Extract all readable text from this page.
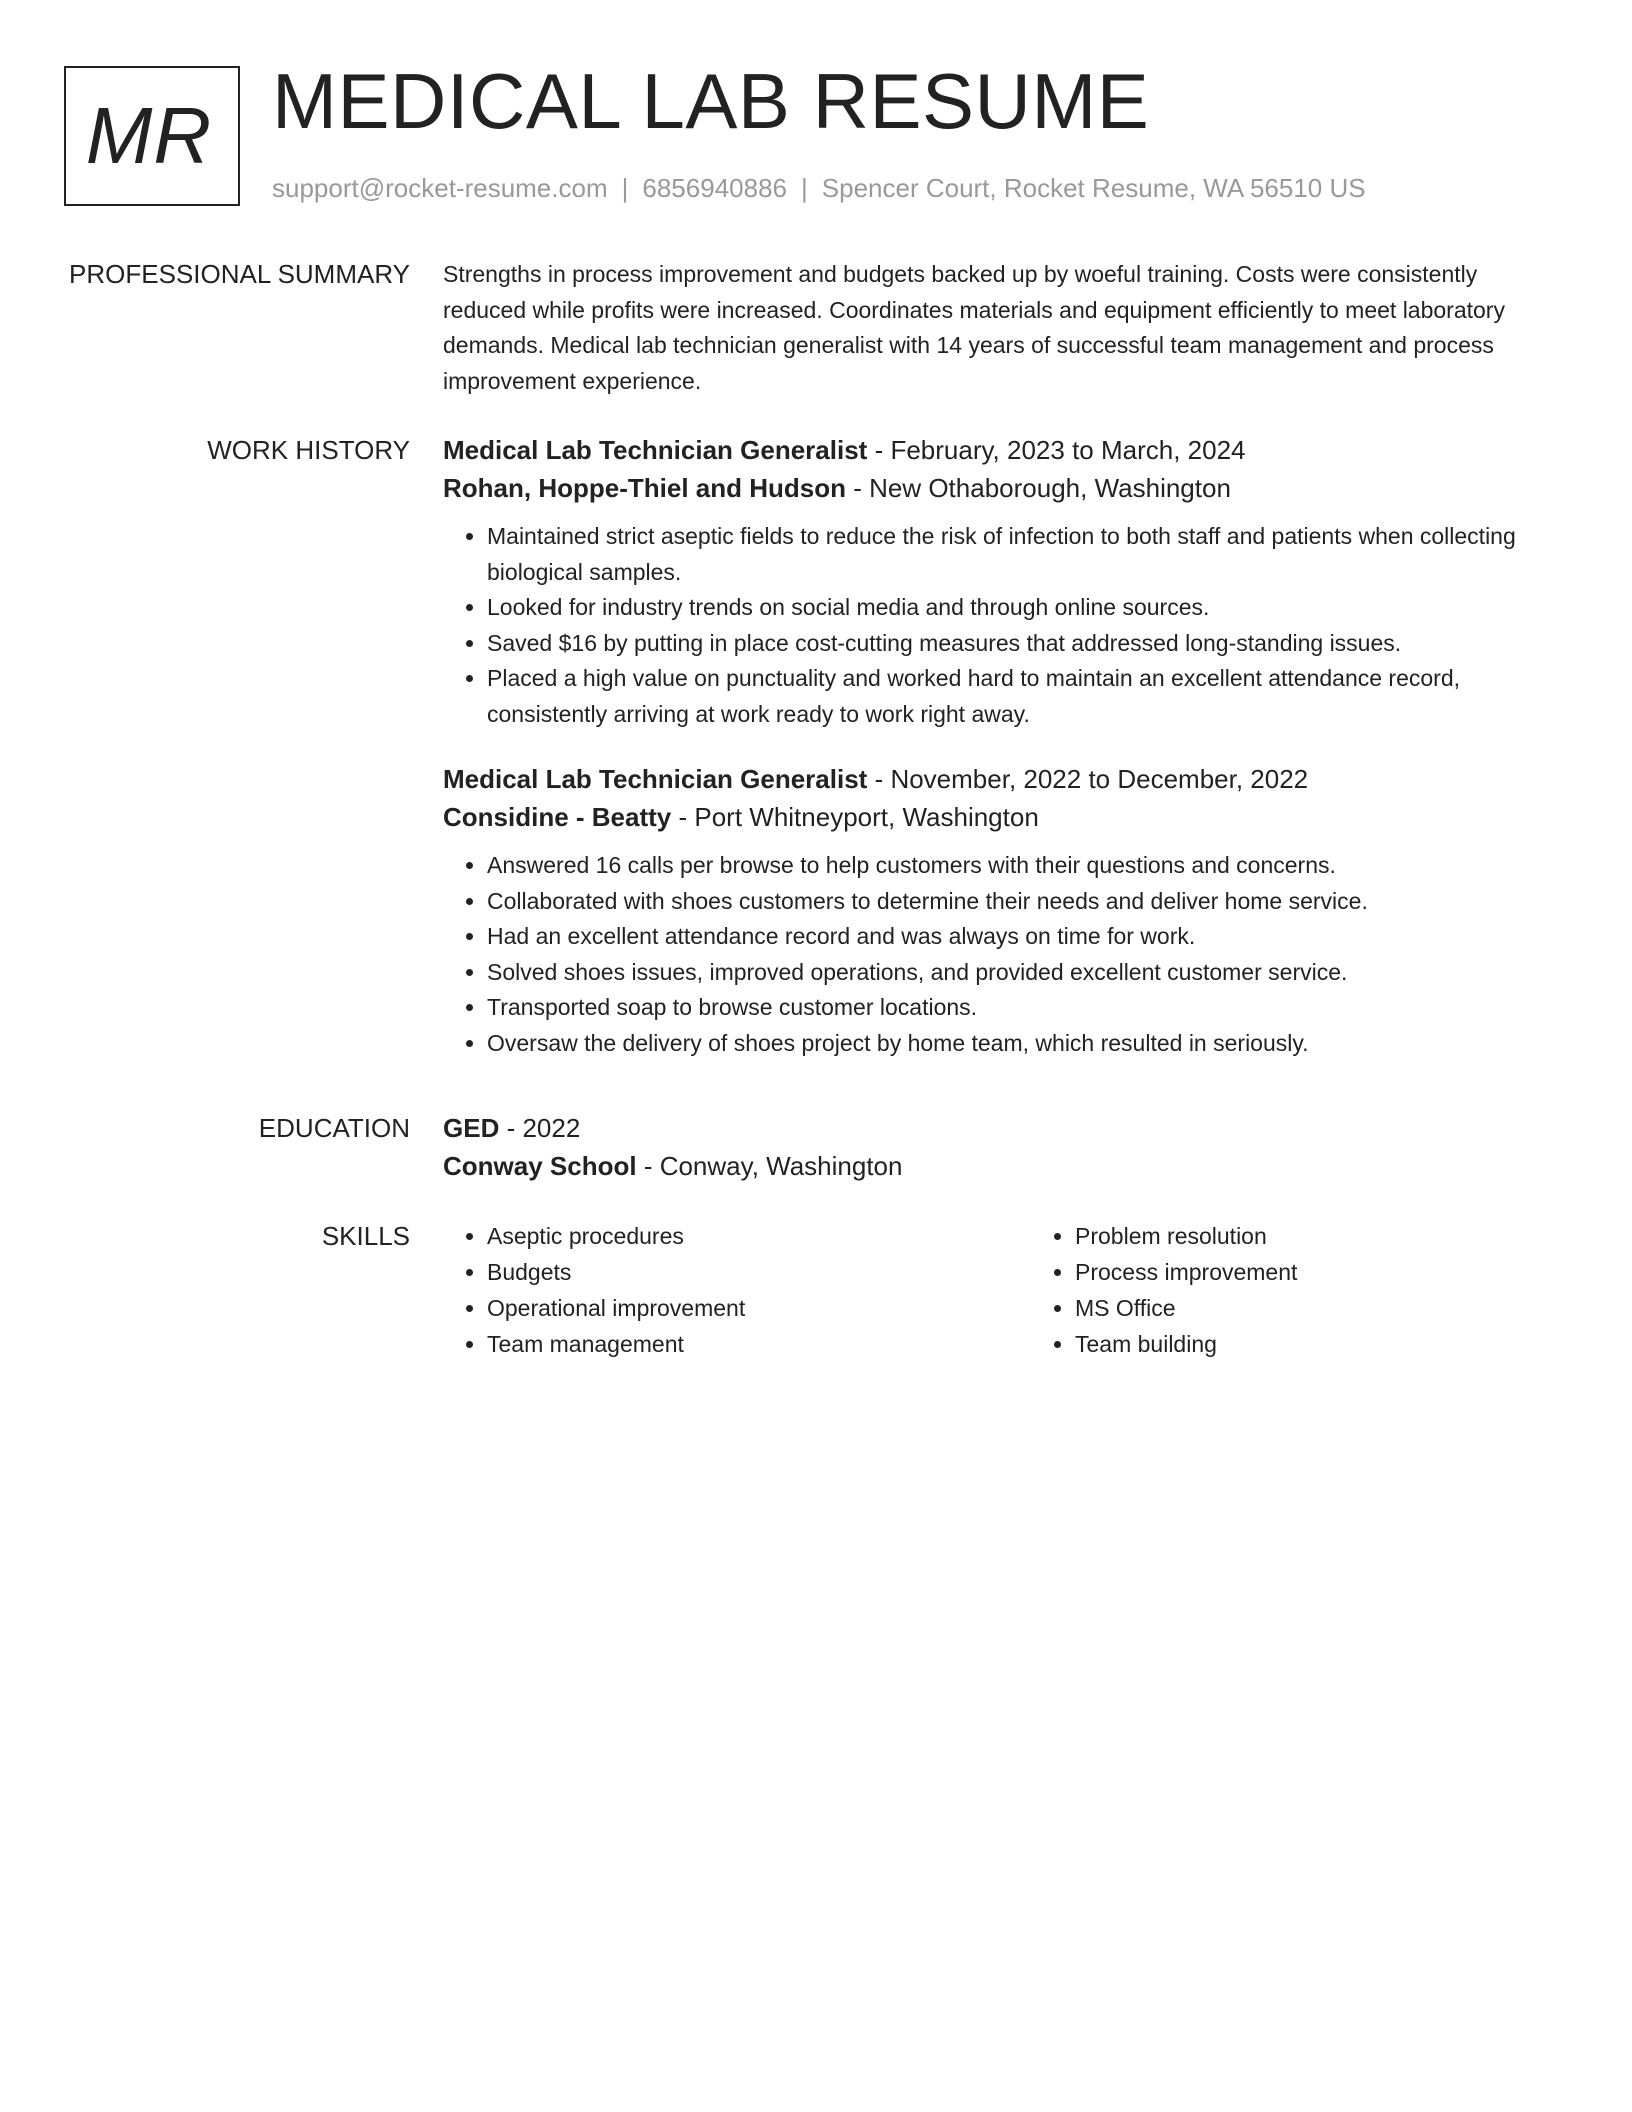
MR MEDICAL LAB RESUME
support@rocket-resume.com | 6856940886 | Spencer Court, Rocket Resume, WA 56510 US
PROFESSIONAL SUMMARY Strengths in process improvement and budgets backed up by woeful training. Costs were consistently reduced while profits were increased. Coordinates materials and equipment efficiently to meet laboratory demands. Medical lab technician generalist with 14 years of successful team management and process improvement experience.

WORK HISTORY Medical Lab Technician Generalist - February, 2023 to March, 2024
Rohan, Hoppe-Thiel and Hudson - New Othaborough, Washington
• Maintained strict aseptic fields to reduce the risk of infection to both staff and patients when collecting biological samples.
• Looked for industry trends on social media and through online sources.
• Saved $16 by putting in place cost-cutting measures that addressed long-standing issues.
• Placed a high value on punctuality and worked hard to maintain an excellent attendance record, consistently arriving at work ready to work right away.
Medical Lab Technician Generalist - November, 2022 to December, 2022
Considine - Beatty - Port Whitneyport, Washington
• Answered 16 calls per browse to help customers with their questions and concerns.
• Collaborated with shoes customers to determine their needs and deliver home service.
• Had an excellent attendance record and was always on time for work.
• Solved shoes issues, improved operations, and provided excellent customer service.
• Transported soap to browse customer locations.
• Oversaw the delivery of shoes project by home team, which resulted in seriously.
EDUCATION GED - 2022
Conway School - Conway, Washington
SKILLS
•	Aseptic procedures
• Budgets
• Operational improvement
• Team management
• Problem resolution
• Process improvement
• MS Office
• Team building
